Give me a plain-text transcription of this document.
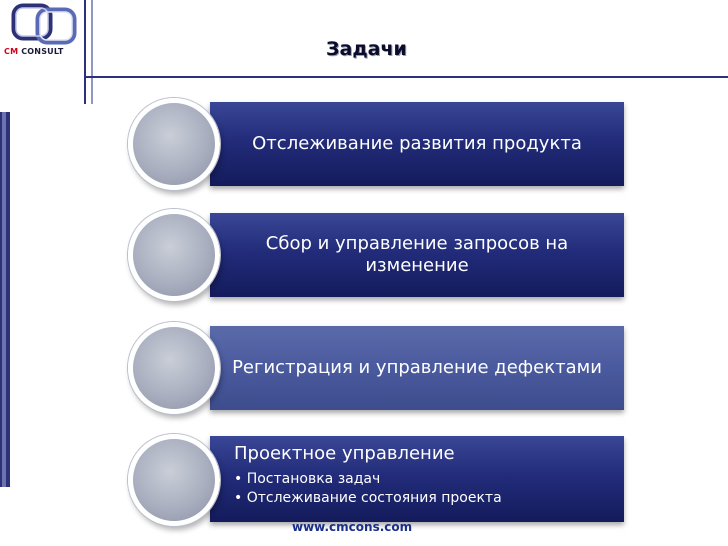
CM CONSULT	Задачи
Отслеживание развития продукта
Сбор и управление запросов на изменение
Регистрация и управление дефектами
Проектное управление
• Постановка задач
• Отслеживание состояния проекта
www.cmcons.com
